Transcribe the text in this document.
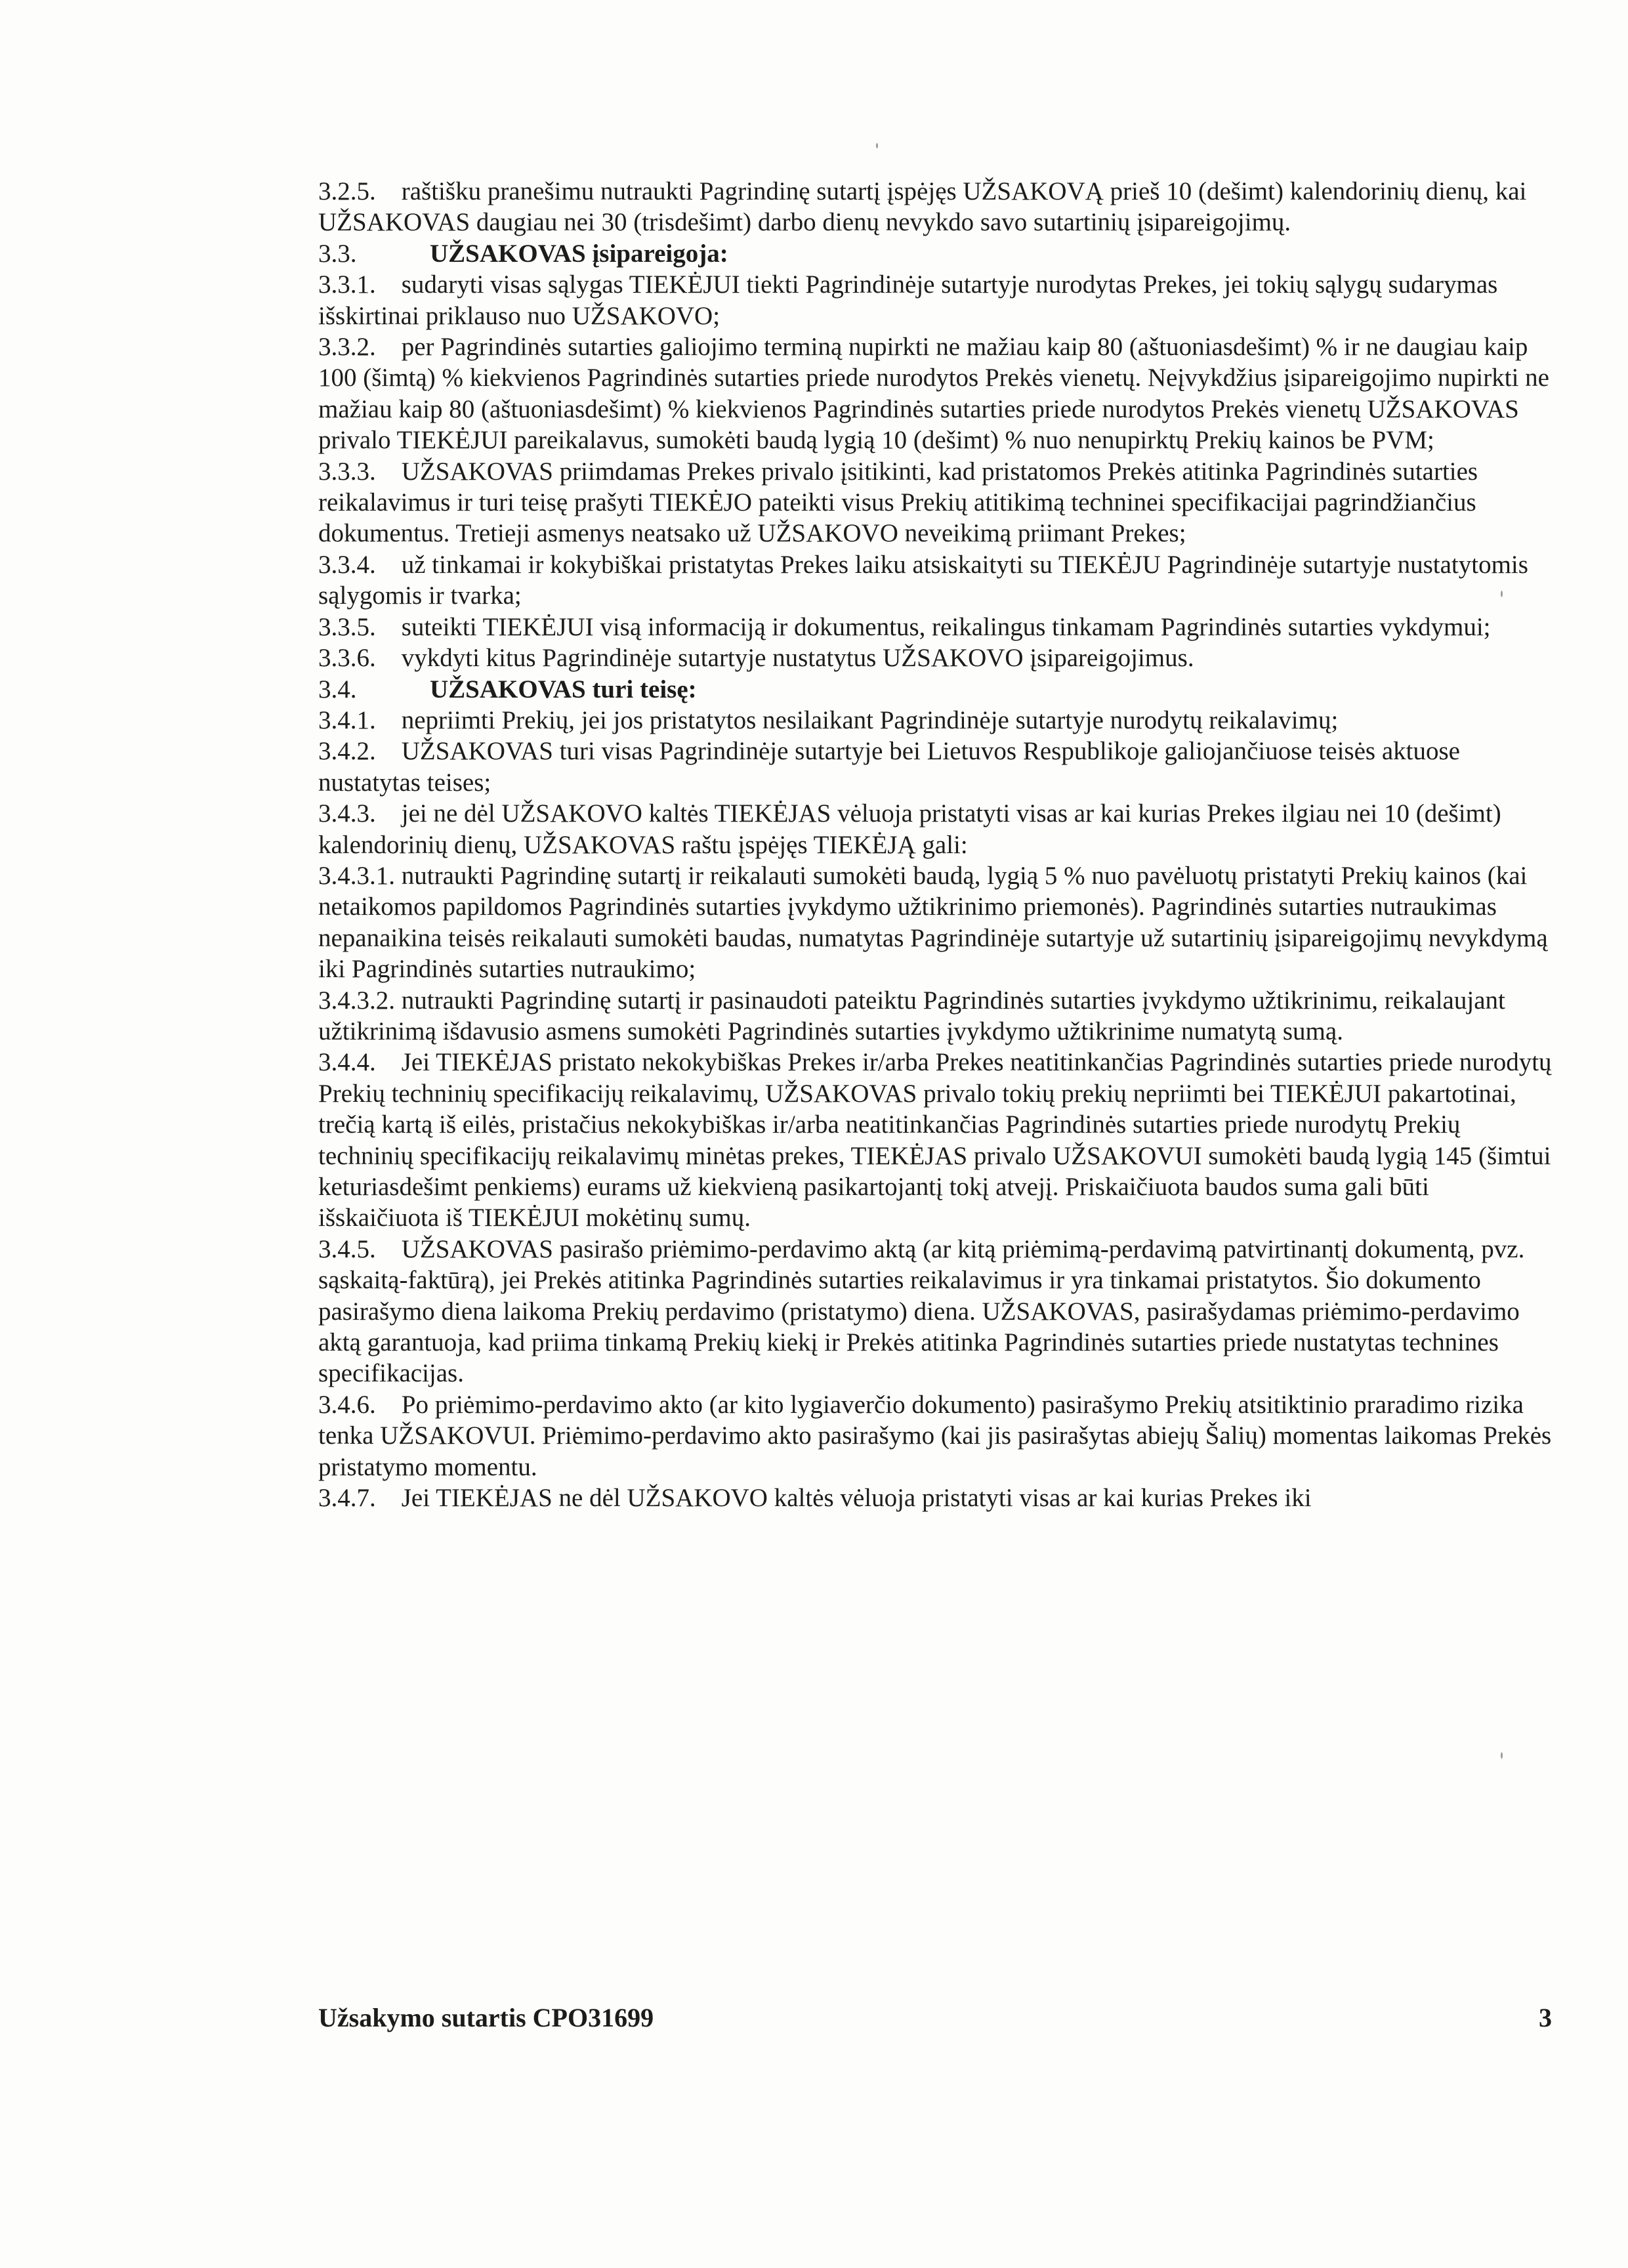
3.2.5. raštišku pranešimu nutraukti Pagrindinę sutartį įspėjęs UŽSAKOVĄ prieš 10 (dešimt) kalendorinių dienų, kai UŽSAKOVAS daugiau nei 30 (trisdešimt) darbo dienų nevykdo savo sutartinių įsipareigojimų.

3.3.	UŽSAKOVAS įsipareigoja:

3.3.1. sudaryti visas sąlygas TIEKĖJUI tiekti Pagrindinėje sutartyje nurodytas Prekes, jei tokių sąlygų sudarymas išskirtinai priklauso nuo UŽSAKOVO;

3.3.2. per Pagrindinės sutarties galiojimo terminą nupirkti ne mažiau kaip 80 (aštuoniasdešimt) % ir ne daugiau kaip 100 (šimtą) % kiekvienos Pagrindinės sutarties priede nurodytos Prekės vienetų. Neįvykdžius įsipareigojimo nupirkti ne mažiau kaip 80 (aštuoniasdešimt) % kiekvienos Pagrindinės sutarties priede nurodytos Prekės vienetų UŽSAKOVAS privalo TIEKĖJUI pareikalavus, sumokėti baudą lygią 10 (dešimt) % nuo nenupirktų Prekių kainos be PVM;

3.3.3. UŽSAKOVAS priimdamas Prekes privalo įsitikinti, kad pristatomos Prekės atitinka Pagrindinės sutarties reikalavimus ir turi teisę prašyti TIEKĖJO pateikti visus Prekių atitikimą techninei specifikacijai pagrindžiančius dokumentus. Tretieji asmenys neatsako už UŽSAKOVO neveikimą priimant Prekes;

3.3.4. už tinkamai ir kokybiškai pristatytas Prekes laiku atsiskaityti su TIEKĖJU Pagrindinėje sutartyje nustatytomis sąlygomis ir tvarka;

3.3.5. suteikti TIEKĖJUI visą informaciją ir dokumentus, reikalingus tinkamam Pagrindinės sutarties vykdymui;

3.3.6. vykdyti kitus Pagrindinėje sutartyje nustatytus UŽSAKOVO įsipareigojimus.

3.4.	UŽSAKOVAS turi teisę:

3.4.1. nepriimti Prekių, jei jos pristatytos nesilaikant Pagrindinėje sutartyje nurodytų reikalavimų;

3.4.2. UŽSAKOVAS turi visas Pagrindinėje sutartyje bei Lietuvos Respublikoje galiojančiuose teisės aktuose nustatytas teises;

3.4.3. jei ne dėl UŽSAKOVO kaltės TIEKĖJAS vėluoja pristatyti visas ar kai kurias Prekes ilgiau nei 10 (dešimt) kalendorinių dienų, UŽSAKOVAS raštu įspėjęs TIEKĖJĄ gali:

3.4.3.1. nutraukti Pagrindinę sutartį ir reikalauti sumokėti baudą, lygią 5 % nuo pavėluotų pristatyti Prekių kainos (kai netaikomos papildomos Pagrindinės sutarties įvykdymo užtikrinimo priemonės). Pagrindinės sutarties nutraukimas nepanaikina teisės reikalauti sumokėti baudas, numatytas Pagrindinėje sutartyje už sutartinių įsipareigojimų nevykdymą iki Pagrindinės sutarties nutraukimo;

3.4.3.2. nutraukti Pagrindinę sutartį ir pasinaudoti pateiktu Pagrindinės sutarties įvykdymo užtikrinimu, reikalaujant užtikrinimą išdavusio asmens sumokėti Pagrindinės sutarties įvykdymo užtikrinime numatytą sumą.

3.4.4. Jei TIEKĖJAS pristato nekokybiškas Prekes ir/arba Prekes neatitinkančias Pagrindinės sutarties priede nurodytų Prekių techninių specifikacijų reikalavimų, UŽSAKOVAS privalo tokių prekių nepriimti bei TIEKĖJUI pakartotinai, trečią kartą iš eilės, pristačius nekokybiškas ir/arba neatitinkančias Pagrindinės sutarties priede nurodytų Prekių techninių specifikacijų reikalavimų minėtas prekes, TIEKĖJAS privalo UŽSAKOVUI sumokėti baudą lygią 145 (šimtui keturiasdešimt penkiems) eurams už kiekvieną pasikartojantį tokį atvejį. Priskaičiuota baudos suma gali būti išskaičiuota iš TIEKĖJUI mokėtinų sumų.

3.4.5. UŽSAKOVAS pasirašo priėmimo-perdavimo aktą (ar kitą priėmimą-perdavimą patvirtinantį dokumentą, pvz. sąskaitą-faktūrą), jei Prekės atitinka Pagrindinės sutarties reikalavimus ir yra tinkamai pristatytos. Šio dokumento pasirašymo diena laikoma Prekių perdavimo (pristatymo) diena. UŽSAKOVAS, pasirašydamas priėmimo-perdavimo aktą garantuoja, kad priima tinkamą Prekių kiekį ir Prekės atitinka Pagrindinės sutarties priede nustatytas technines specifikacijas.

3.4.6. Po priėmimo-perdavimo akto (ar kito lygiaverčio dokumento) pasirašymo Prekių atsitiktinio praradimo rizika tenka UŽSAKOVUI. Priėmimo-perdavimo akto pasirašymo (kai jis pasirašytas abiejų Šalių) momentas laikomas Prekės pristatymo momentu.

3.4.7. Jei TIEKĖJAS ne dėl UŽSAKOVO kaltės vėluoja pristatyti visas ar kai kurias Prekes iki

Užsakymo sutartis CPO31699	3
